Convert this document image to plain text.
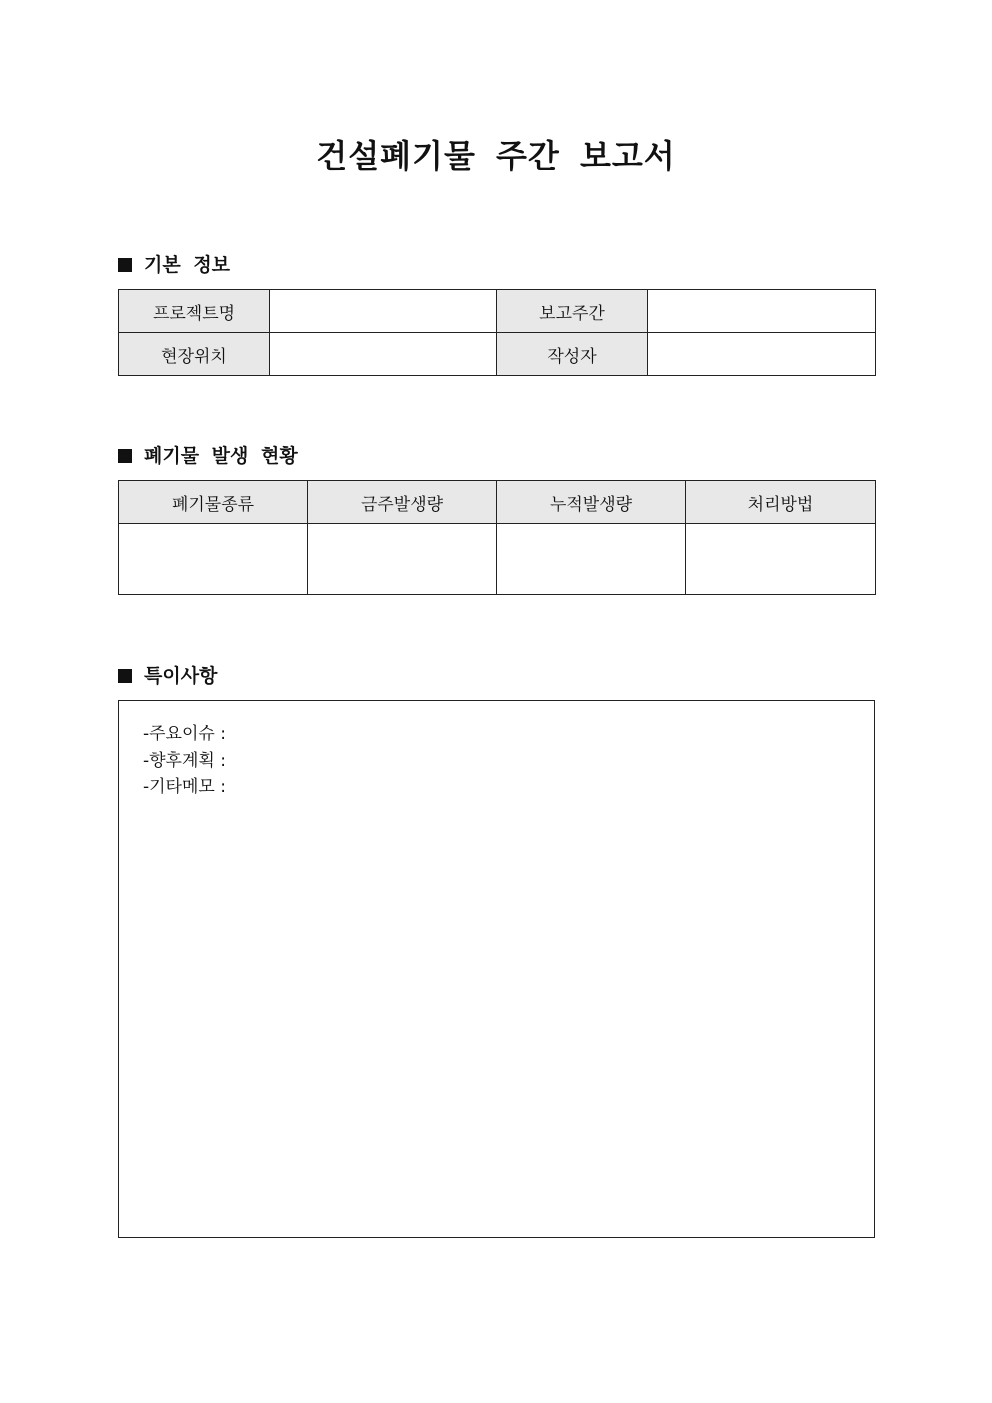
건설폐기물 주간 보고서
기본 정보
프로젝트명		보고주간	
현장위치		작성자	
폐기물 발생 현황
폐기물종류	금주발생량	누적발생량	처리방법

특이사항
-주요이슈 :
-향후계획 :
-기타메모 :
